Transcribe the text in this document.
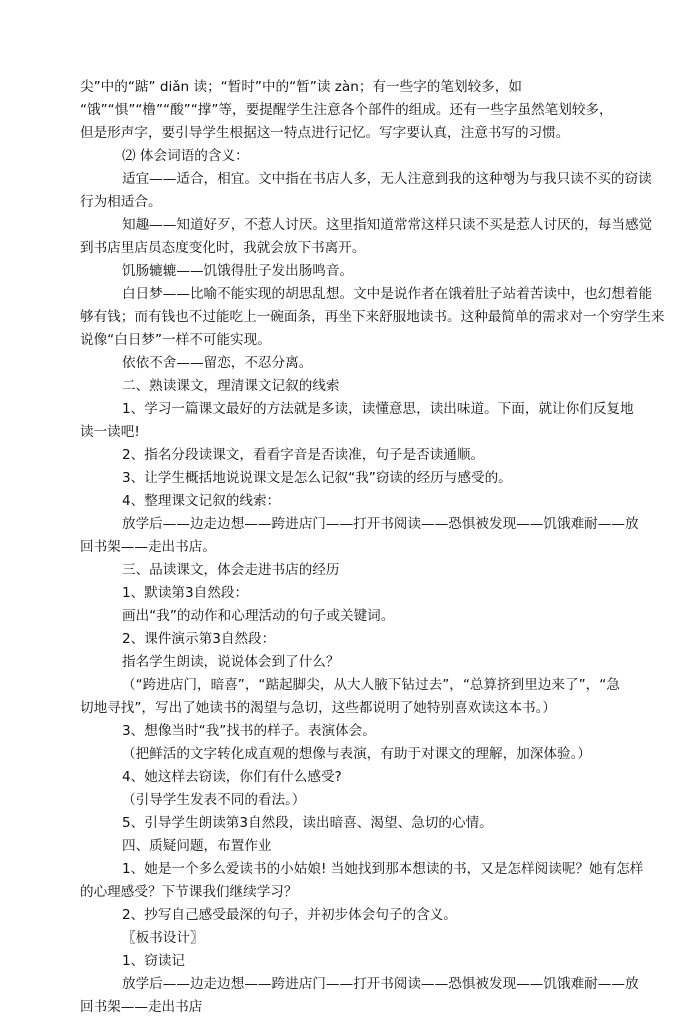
尖”中的“踮” diǎn 读；“暂时”中的“暂”读 zàn；有一些字的笔划较多，如
“饿”“惧”“橹”“酸”“撑”等，要提醒学生注意各个部件的组成。还有一些字虽然笔划较多，
但是形声字，要引导学生根据这一特点进行记忆。写字要认真，注意书写的习惯。
⑵ 体会词语的含义：
适宜——适合，相宜。文中指在书店人多，无人注意到我的这种행为与我只读不买的窃读
行为相适合。
知趣——知道好歹，不惹人讨厌。这里指知道常常这样只读不买是惹人讨厌的，每当感觉
到书店里店员态度变化时，我就会放下书离开。
饥肠辘辘——饥饿得肚子发出肠鸣音。
白日梦——比喻不能实现的胡思乱想。文中是说作者在饿着肚子站着苦读中，也幻想着能
够有钱；而有钱也不过能吃上一碗面条，再坐下来舒服地读书。这种最简单的需求对一个穷学生来
说像“白日梦”一样不可能实现。
依依不舍——留恋，不忍分离。
二、熟读课文，理清课文记叙的线索
1、学习一篇课文最好的方法就是多读，读懂意思，读出味道。下面，就让你们反复地
读一读吧!
2、指名分段读课文，看看字音是否读准，句子是否读通顺。
3、让学生概括地说说课文是怎么记叙“我”窃读的经历与感受的。
4、整理课文记叙的线索：
放学后——边走边想——跨进店门——打开书阅读——恐惧被发现——饥饿难耐——放
回书架——走出书店。
三、品读课文，体会走进书店的经历
1、默读第3自然段：
画出“我”的动作和心理活动的句子或关键词。
2、课件演示第3自然段：
指名学生朗读，说说体会到了什么？
（“跨进店门，暗喜”，“踮起脚尖，从大人腋下钻过去”，“总算挤到里边来了”，“急
切地寻找”，写出了她读书的渴望与急切，这些都说明了她特别喜欢读这本书。）
3、想像当时“我”找书的样子。表演体会。
（把鲜活的文字转化成直观的想像与表演，有助于对课文的理解，加深体验。）
4、她这样去窃读，你们有什么感受?
（引导学生发表不同的看法。）
5、引导学生朗读第3自然段，读出暗喜、渴望、急切的心情。
四、质疑问题，布置作业
1、她是一个多么爱读书的小姑娘! 当她找到那本想读的书，又是怎样阅读呢？她有怎样
的心理感受？下节课我们继续学习？
2、抄写自己感受最深的句子，并初步体会句子的含义。
〖板书设计〗
1、窃读记
放学后——边走边想——跨进店门——打开书阅读——恐惧被发现——饥饿难耐——放
回书架——走出书店
